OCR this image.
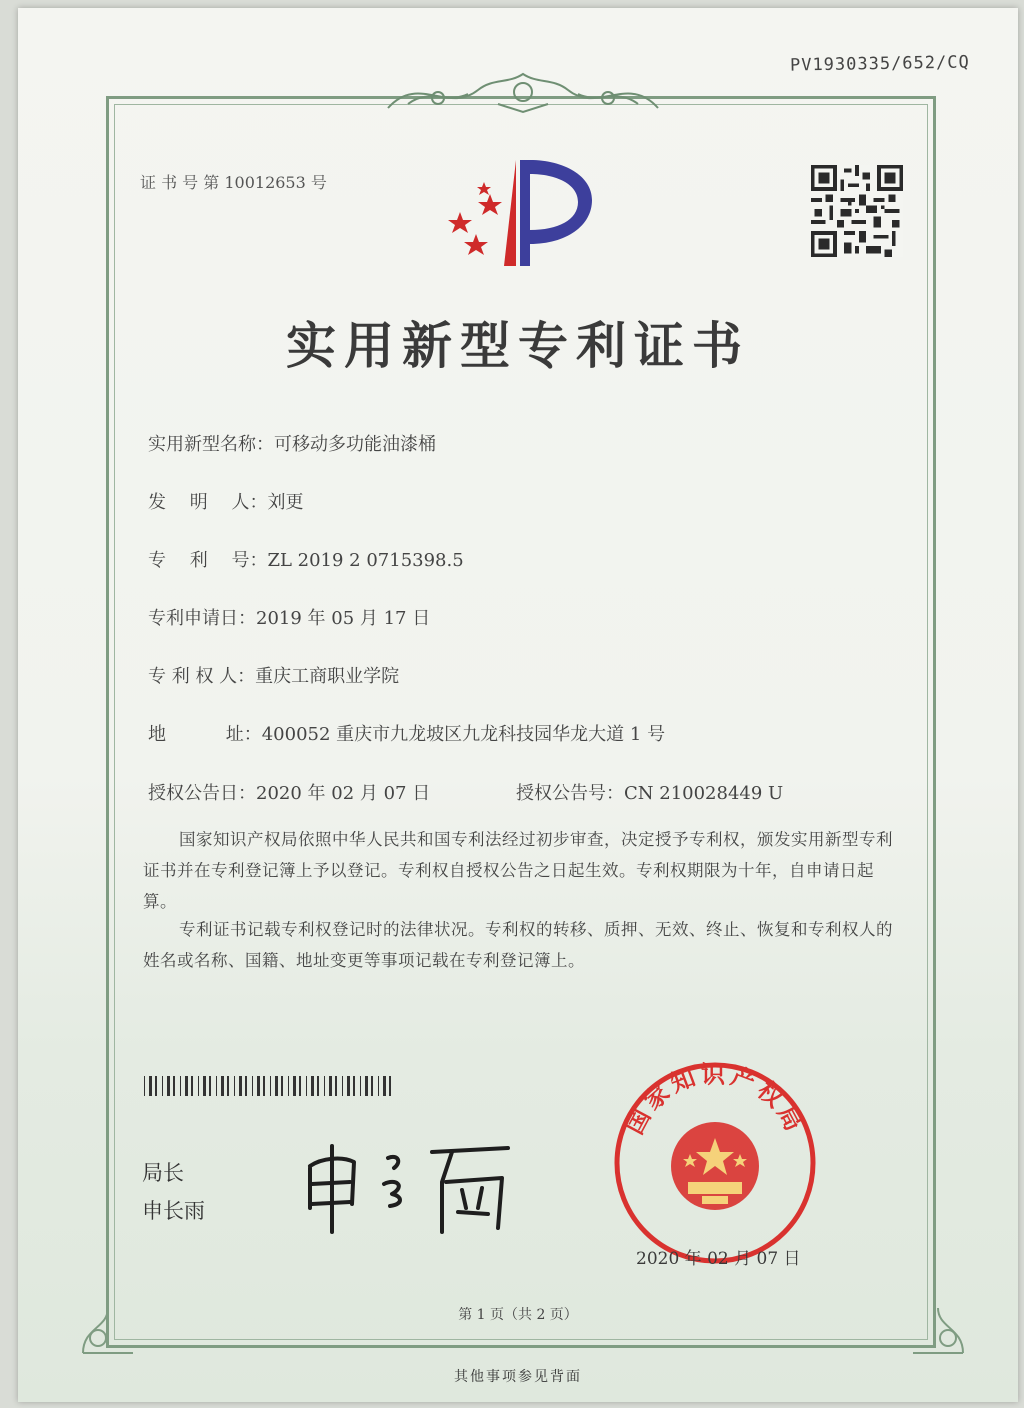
PV1930335/652/CQ
证 书 号 第 10012653 号
实用新型专利证书
实用新型名称：可移动多功能油漆桶
发　 明　 人：刘更
专　 利　 号：ZL 2019 2 0715398.5
专利申请日：2019 年 05 月 17 日
专 利 权 人：重庆工商职业学院
地　　　 址：400052 重庆市九龙坡区九龙科技园华龙大道 1 号
授权公告日：2020 年 02 月 07 日	授权公告号：CN 210028449 U
国家知识产权局依照中华人民共和国专利法经过初步审查，决定授予专利权，颁发实用新型专利证书并在专利登记簿上予以登记。专利权自授权公告之日起生效。专利权期限为十年，自申请日起算。
专利证书记载专利权登记时的法律状况。专利权的转移、质押、无效、终止、恢复和专利权人的姓名或名称、国籍、地址变更等事项记载在专利登记簿上。
局长
申长雨
国家知识产权局
2020 年 02 月 07 日
第 1 页（共 2 页）
其他事项参见背面
